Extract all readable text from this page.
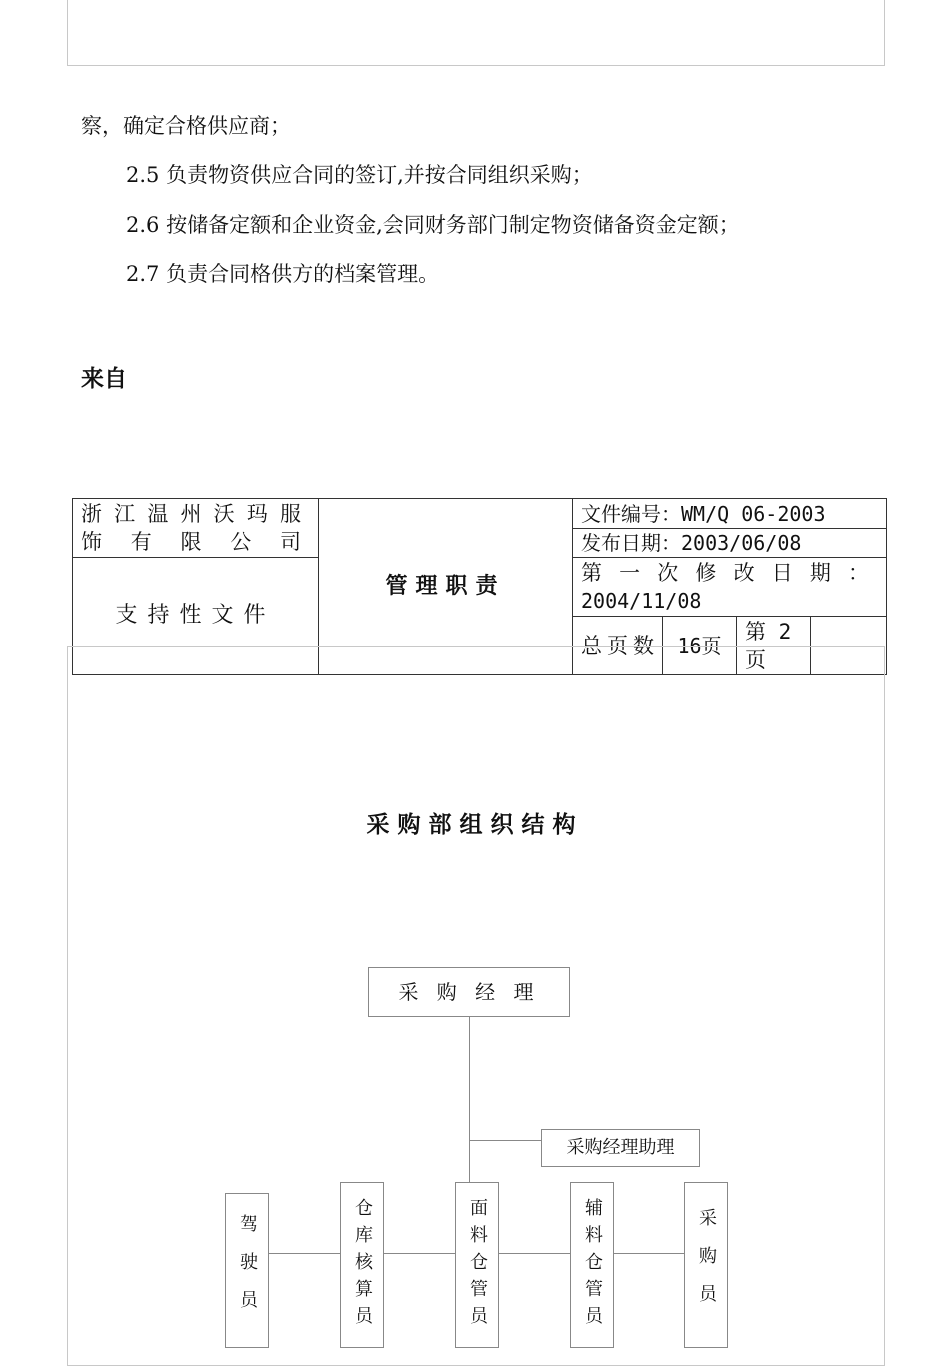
察，确定合格供应商；
2.5 负责物资供应合同的签订,并按合同组织采购；
2.6 按储备定额和企业资金,会同财务部门制定物资储备资金定额；
2.7 负责合同格供方的档案管理。
来自
浙江温州沃玛服饰有限公司	管理职责	文件编号：WM/Q 06-2003			
		发布日期：2003/06/08			
支持性文件		第一次修改日期：
2004/11/08			

		总页数	16页	第 2 页	
采购部组织结构
采 购 经 理
采购经理助理
驾驶员	仓库核算员	面料仓管员	辅料仓管员	采购员
